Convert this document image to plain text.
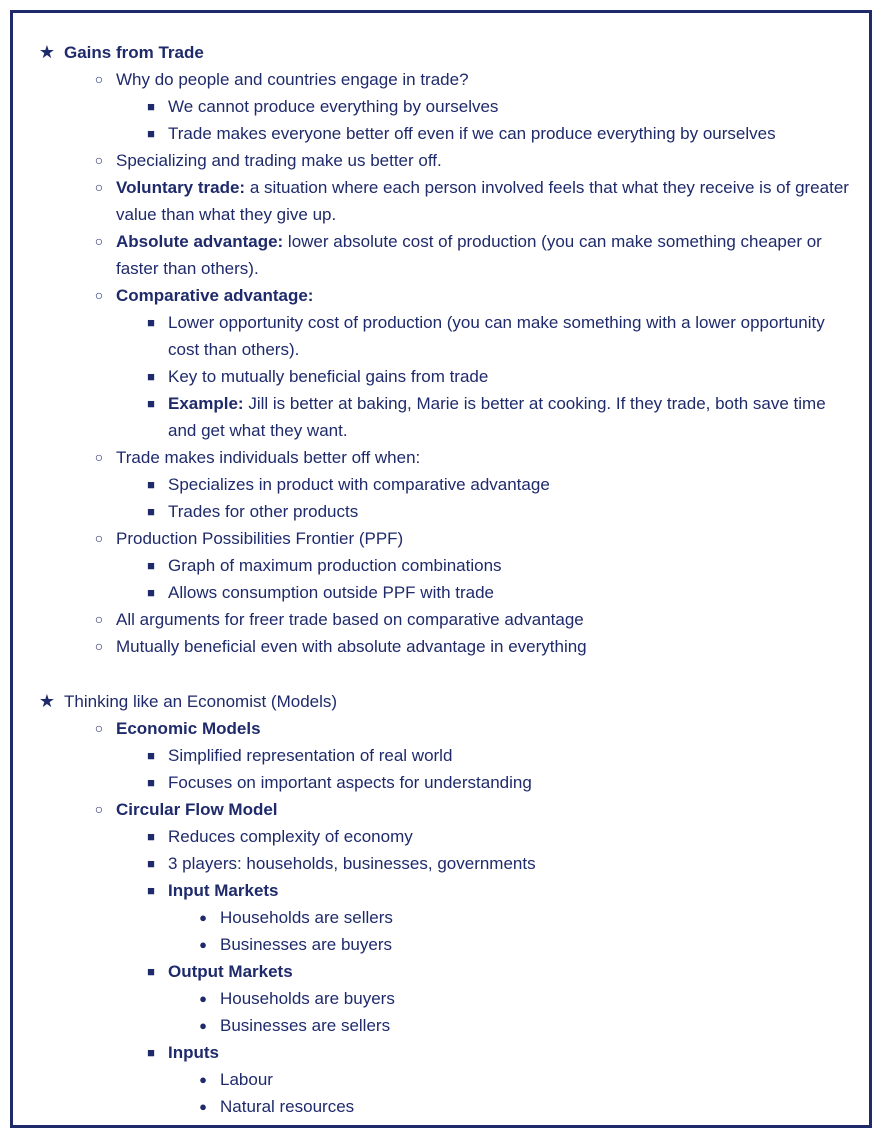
★ Gains from Trade
○ Why do people and countries engage in trade?
■ We cannot produce everything by ourselves
■ Trade makes everyone better off even if we can produce everything by ourselves
○ Specializing and trading make us better off.
○ Voluntary trade: a situation where each person involved feels that what they receive is of greater
value than what they give up.
○ Absolute advantage: lower absolute cost of production (you can make something cheaper or
faster than others).
○ Comparative advantage:
■ Lower opportunity cost of production (you can make something with a lower opportunity
cost than others).
■ Key to mutually beneficial gains from trade
■ Example: Jill is better at baking, Marie is better at cooking. If they trade, both save time
and get what they want.
○ Trade makes individuals better off when:
■ Specializes in product with comparative advantage
■ Trades for other products
○ Production Possibilities Frontier (PPF)
■ Graph of maximum production combinations
■ Allows consumption outside PPF with trade
○ All arguments for freer trade based on comparative advantage
○ Mutually beneficial even with absolute advantage in everything
★ Thinking like an Economist (Models)
○ Economic Models
■ Simplified representation of real world
■ Focuses on important aspects for understanding
○ Circular Flow Model
■ Reduces complexity of economy
■ 3 players: households, businesses, governments
■ Input Markets
● Households are sellers
● Businesses are buyers
■ Output Markets
● Households are buyers
● Businesses are sellers
■ Inputs
● Labour
● Natural resources
